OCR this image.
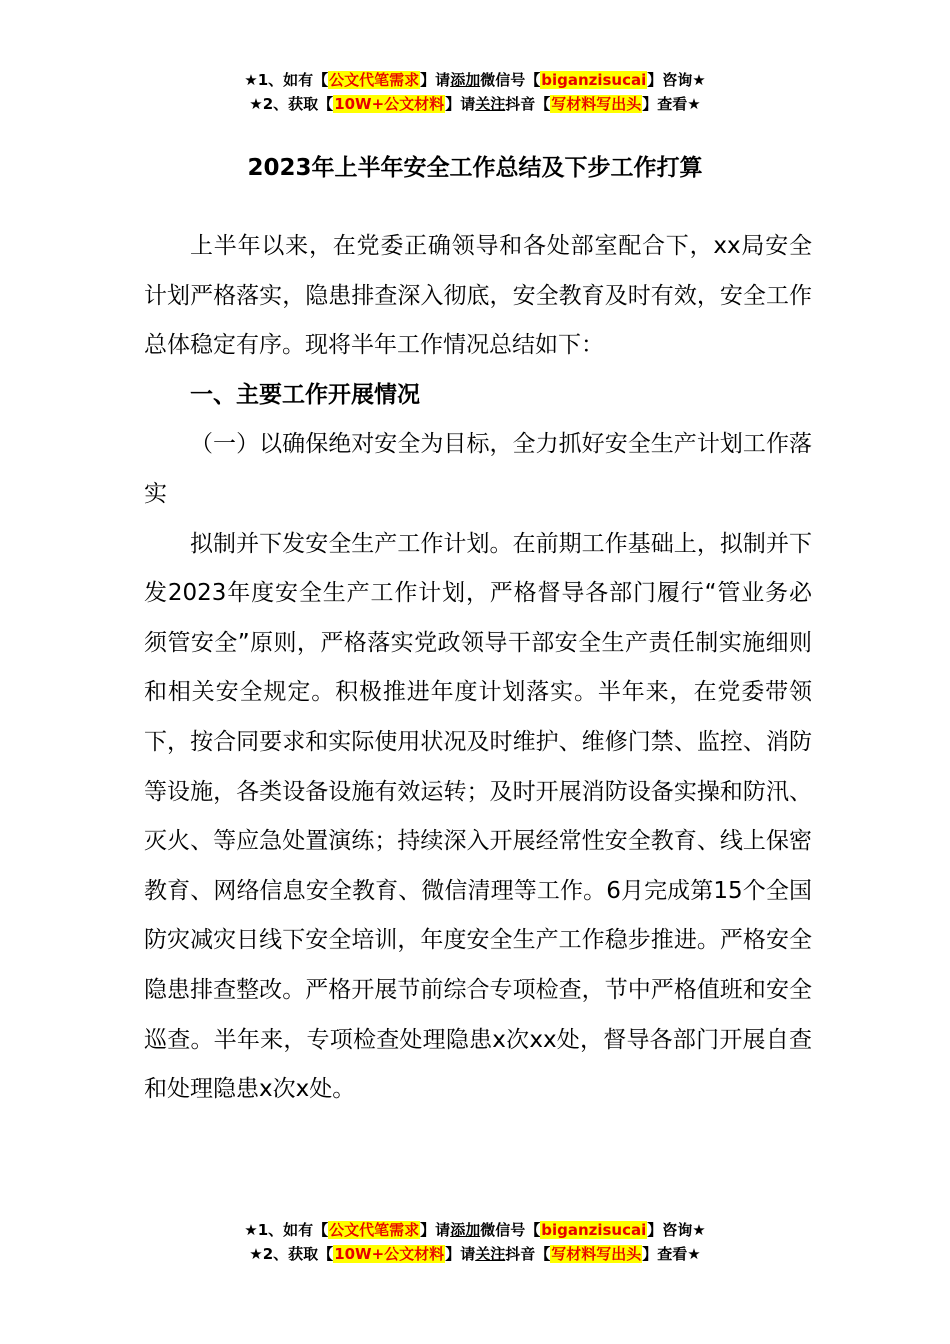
★1、如有【公文代笔需求】请添加微信号【biganzisucai】咨询★
★2、获取【10W+公文材料】请关注抖音【写材料写出头】查看★
2023年上半年安全工作总结及下步工作打算

上半年以来，在党委正确领导和各处部室配合下，xx局安全计划严格落实，隐患排查深入彻底，安全教育及时有效，安全工作总体稳定有序。现将半年工作情况总结如下：

一、主要工作开展情况

（一）以确保绝对安全为目标，全力抓好安全生产计划工作落实

拟制并下发安全生产工作计划。在前期工作基础上，拟制并下发2023年度安全生产工作计划，严格督导各部门履行“管业务必须管安全”原则，严格落实党政领导干部安全生产责任制实施细则和相关安全规定。积极推进年度计划落实。半年来，在党委带领下，按合同要求和实际使用状况及时维护、维修门禁、监控、消防等设施，各类设备设施有效运转；及时开展消防设备实操和防汛、灭火、等应急处置演练；持续深入开展经常性安全教育、线上保密教育、网络信息安全教育、微信清理等工作。6月完成第15个全国防灾减灾日线下安全培训，年度安全生产工作稳步推进。严格安全隐患排查整改。严格开展节前综合专项检查，节中严格值班和安全巡查。半年来，专项检查处理隐患x次xx处，督导各部门开展自查和处理隐患x次x处。

★1、如有【公文代笔需求】请添加微信号【biganzisucai】咨询★
★2、获取【10W+公文材料】请关注抖音【写材料写出头】查看★
